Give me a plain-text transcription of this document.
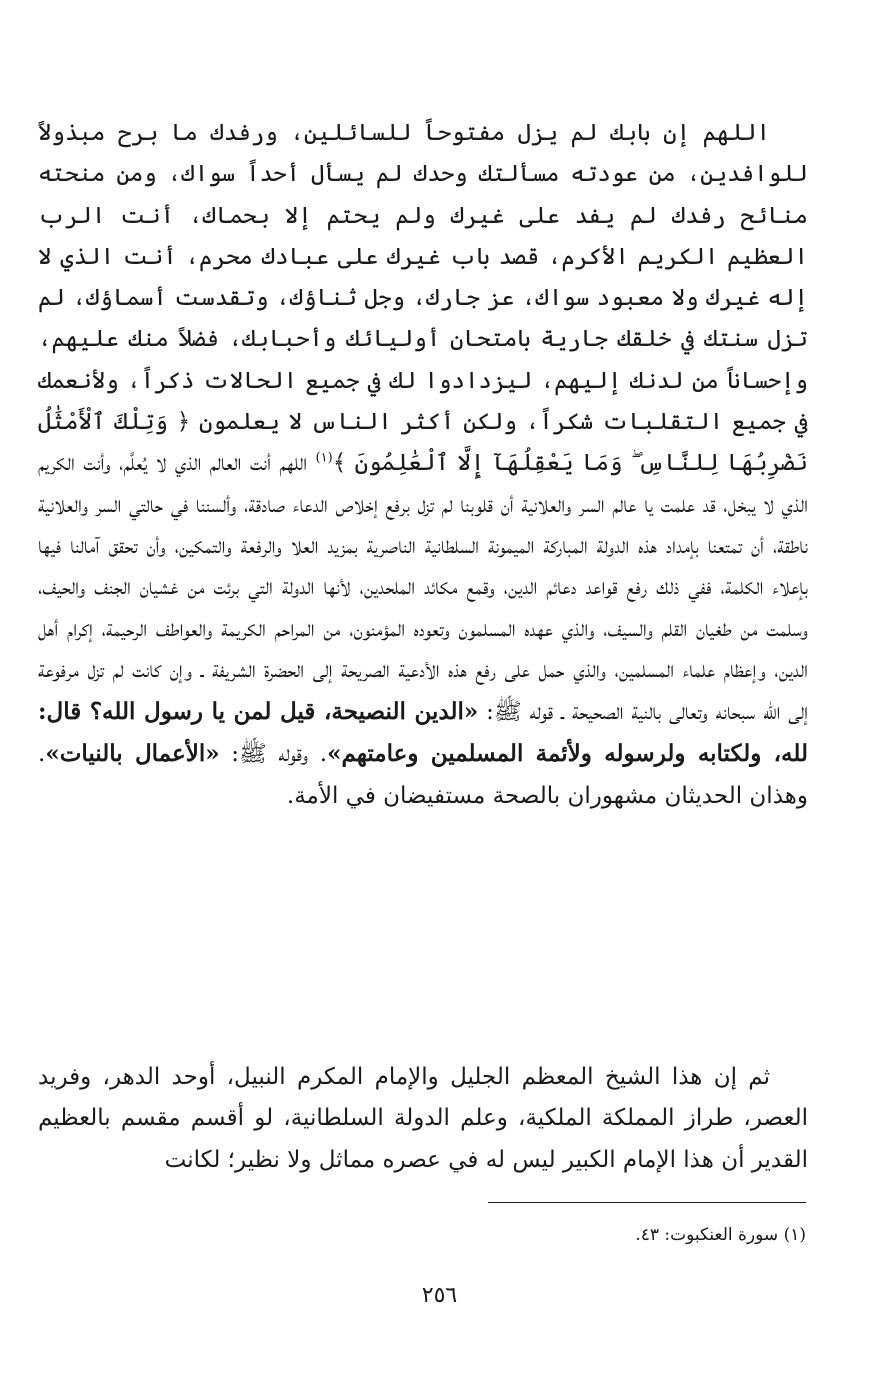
اللهم إن بابك لم يزل مفتوحاً للسائلين، ورفدك ما برح مبذولاً للوافدين، من عودته مسألتك وحدك لم يسأل أحداً سواك، ومن منحته منائح رفدك لم يفد على غيرك ولم يحتم إلا بحماك، أنت الرب العظيم الكريم الأكرم، قصد باب غيرك على عبادك محرم، أنت الذي لا إله غيرك ولا معبود سواك، عز جارك، وجل ثناؤك، وتقدست أسماؤك، لم تزل سنتك في خلقك جارية بامتحان أوليائك وأحبابك، فضلاً منك عليهم، وإحساناً من لدنك إليهم، ليزدادوا لك في جميع الحالات ذكراً، ولأنعمك في جميع التقلبات شكراً، ولكن أكثر الناس لا يعلمون ﴿ وَتِلْكَ ٱلْأَمْثَٰلُ نَضْرِبُهَا لِلنَّاسِ ۖ وَمَا يَعْقِلُهَآ إِلَّا ٱلْعَٰلِمُونَ ﴾$^{(١)}$ اللهم أنت العالم الذي لا يُعلَّم، وأنت الكريم الذي لا يبخل، قد علمت يا عالم السر والعلانية أن قلوبنا لم تزل برفع إخلاص الدعاء صادقة، وألسننا في حالتي السر والعلانية ناطقة، أن تمتعنا بإمداد هذه الدولة المباركة الميمونة السلطانية الناصرية بمزيد العلا والرفعة والتمكين، وأن تحقق آمالنا فيها بإعلاء الكلمة، ففي ذلك رفع قواعد دعائم الدين، وقمع مكائد الملحدين، لأنها الدولة التي برئت من غشيان الجنف والحيف، وسلمت من طغيان القلم والسيف، والذي عهده المسلمون وتعوده المؤمنون، من المراحم الكريمة والعواطف الرحيمة، إكرام أهل الدين، وإعظام علماء المسلمين، والذي حمل على رفع هذه الأدعية الصريحة إلى الحضرة الشريفة ـ وإن كانت لم تزل مرفوعة إلى الله سبحانه وتعالى بالنية الصحيحة ـ قوله ﷺ: «الدين النصيحة، قيل لمن يا رسول الله؟ قال: لله، ولكتابه ولرسوله ولأئمة المسلمين وعامتهم». وقوله ﷺ: «الأعمال بالنيات». وهذان الحديثان مشهوران بالصحة مستفيضان في الأمة.
ثم إن هذا الشيخ المعظم الجليل والإمام المكرم النبيل، أوحد الدهر، وفريد العصر، طراز المملكة الملكية، وعلم الدولة السلطانية، لو أقسم مقسم بالعظيم القدير أن هذا الإمام الكبير ليس له في عصره مماثل ولا نظير؛ لكانت
(١) سورة العنكبوت: ٤٣.
٢٥٦
